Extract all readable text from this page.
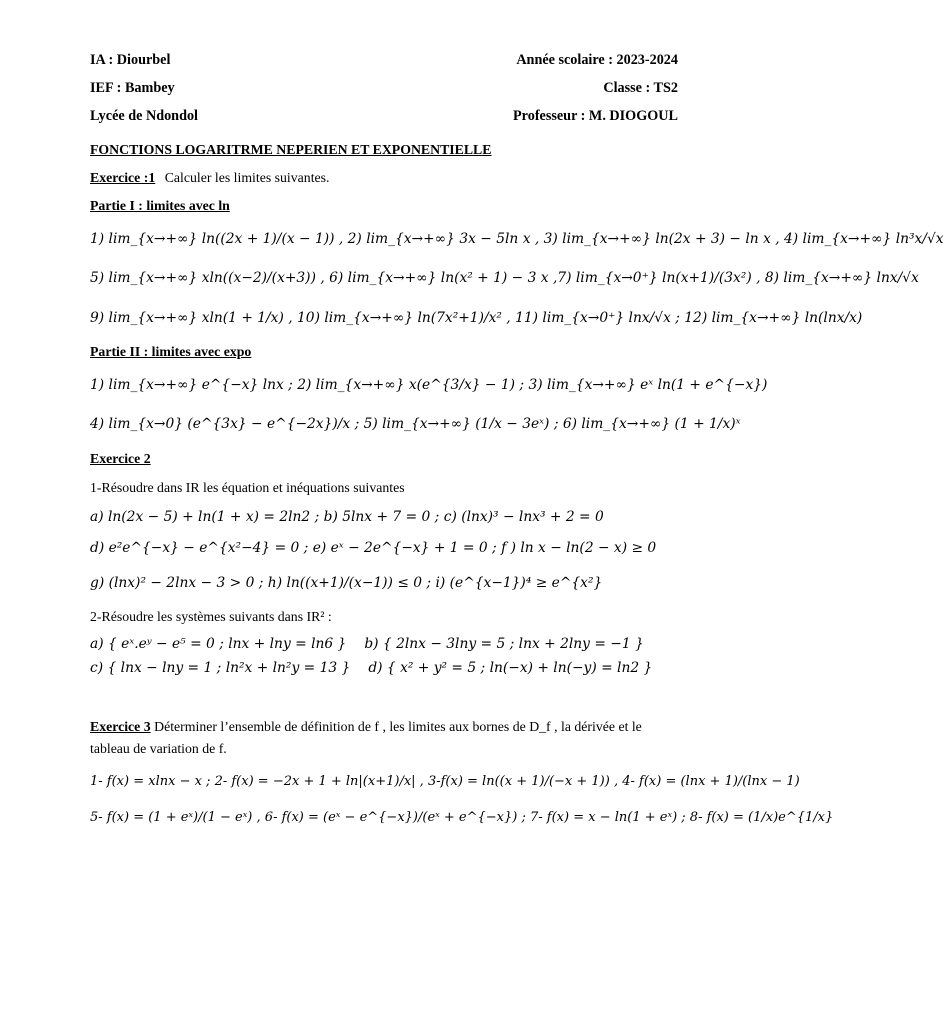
IA : Diourbel	Année scolaire : 2023-2024
IEF : Bambey	Classe : TS2
Lycée de Ndondol	Professeur : M. DIOGOUL
FONCTIONS LOGARITRME NEPERIEN ET EXPONENTIELLE
Exercice :1 Calculer les limites suivantes.
Partie I : limites avec ln

1) lim_{x→+∞} ln((2x + 1)/(x − 1)) , 2) lim_{x→+∞} 3x − 5ln x , 3) lim_{x→+∞} ln(2x + 3) − ln x , 4) lim_{x→+∞} ln³x/√x

5) lim_{x→+∞} xln((x−2)/(x+3)) , 6) lim_{x→+∞} ln(x² + 1) − 3 x ,7) lim_{x→0⁺} ln(x+1)/(3x²) , 8) lim_{x→+∞} lnx/√x

9) lim_{x→+∞} xln(1 + 1/x) , 10) lim_{x→+∞} ln(7x²+1)/x² , 11) lim_{x→0⁺} lnx/√x ; 12) lim_{x→+∞} ln(lnx/x)

Partie II : limites avec expo

1) lim_{x→+∞} e^{−x} lnx ; 2) lim_{x→+∞} x(e^{3/x} − 1) ; 3) lim_{x→+∞} eˣ ln(1 + e^{−x})

4) lim_{x→0} (e^{3x} − e^{−2x})/x ; 5) lim_{x→+∞} (1/x − 3eˣ) ; 6) lim_{x→+∞} (1 + 1/x)ˣ

Exercice 2
1-Résoudre dans IR les équation et inéquations suivantes

a) ln(2x − 5) + ln(1 + x) = 2ln2 ; b) 5lnx + 7 = 0 ; c) (lnx)³ − lnx³ + 2 = 0

d) e²e^{−x} − e^{x²−4} = 0 ; e) eˣ − 2e^{−x} + 1 = 0 ; f ) ln x − ln(2 − x) ≥ 0

g) (lnx)² − 2lnx − 3 > 0 ; h) ln((x+1)/(x−1)) ≤ 0 ; i) (e^{x−1})⁴ ≥ e^{x²}

2-Résoudre les systèmes suivants dans IR² :
a) { eˣ.eʸ − e⁵ = 0 ; lnx + lny = ln6 } b) { 2lnx − 3lny = 5 ; lnx + 2lny = −1 }
c) { lnx − lny = 1 ; ln²x + ln²y = 13 } d) { x² + y² = 5 ; ln(−x) + ln(−y) = ln2 }
Exercice 3 Déterminer l’ensemble de définition de f , les limites aux bornes de D_f , la dérivée et le tableau de variation de f.

1- f(x) = xlnx − x ; 2- f(x) = −2x + 1 + ln|(x+1)/x| , 3-f(x) = ln((x + 1)/(−x + 1)) , 4- f(x) = (lnx + 1)/(lnx − 1)

5- f(x) = (1 + eˣ)/(1 − eˣ) , 6- f(x) = (eˣ − e^{−x})/(eˣ + e^{−x}) ; 7- f(x) = x − ln(1 + eˣ) ; 8- f(x) = (1/x)e^{1/x}
